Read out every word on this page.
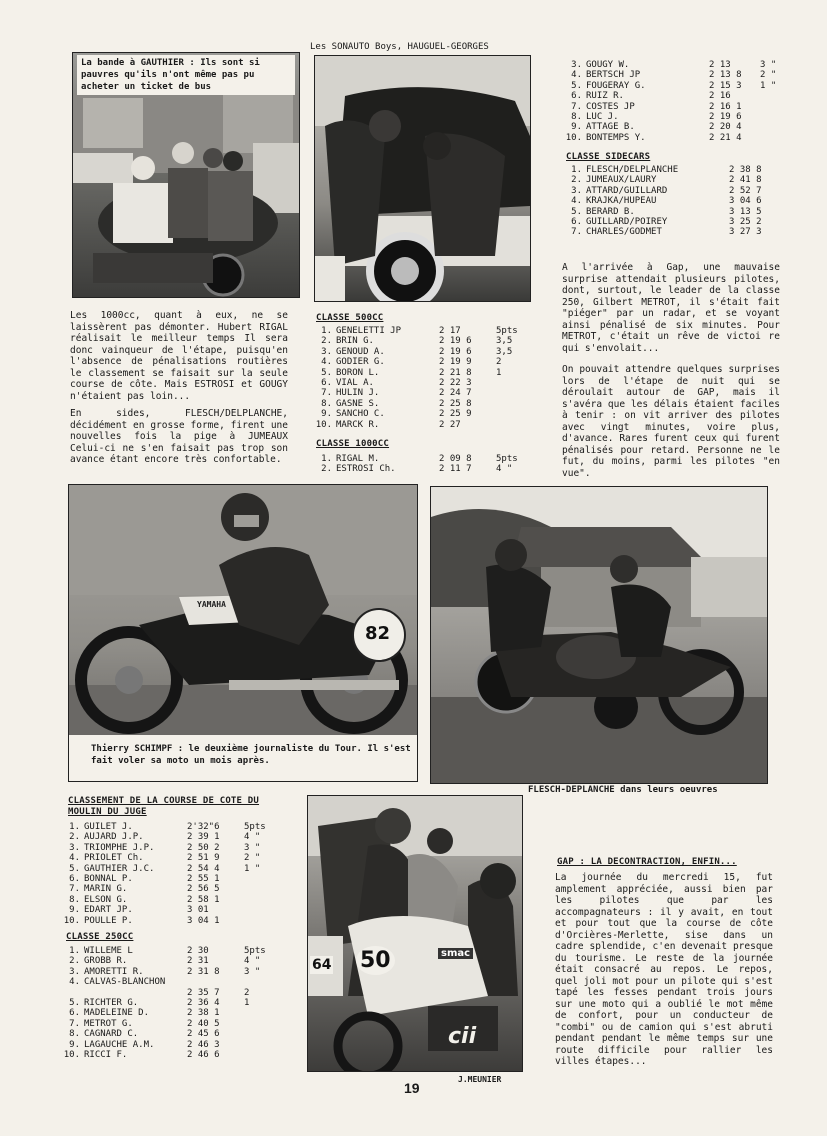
La bande à GAUTHIER : Ils sont si pauvres qu'ils n'ont même pas pu acheter un ticket de bus
Les SONAUTO Boys, HAUGUEL-GEORGES
3.	GOUGY W.	2 13	3 "
4.	BERTSCH JP	2 13 8	2 "
5.	FOUGERAY G.	2 15 3	1 "
6.	RUIZ R.	2 16	
7.	COSTES JP	2 16 1	
8.	LUC J.	2 19 6	
9.	ATTAGE B.	2 20 4	
10.	BONTEMPS Y.	2 21 4	
CLASSE SIDECARS
1.	FLESCH/DELPLANCHE	2 38 8
2.	JUMEAUX/LAURY	2 41 8
3.	ATTARD/GUILLARD	2 52 7
4.	KRAJKA/HUPEAU	3 04 6
5.	BERARD B.	3 13 5
6.	GUILLARD/POIREY	3 25 2
7.	CHARLES/GODMET	3 27 3
A l'arrivée à Gap, une mauvaise surprise attendait plusieurs pilotes, dont, surtout, le leader de la classe 250, Gilbert METROT, il s'était fait "piéger" par un radar, et se voyant ainsi pénalisé de six minutes. Pour METROT, c'était un rêve de victoi re qui s'envolait...
On pouvait attendre quelques surprises lors de l'étape de nuit qui se déroulait autour de GAP, mais il s'avéra que les délais étaient faciles à tenir : on vit arriver des pilotes avec vingt minutes, voire plus, d'avance. Rares furent ceux qui furent pénalisés pour retard. Personne ne le fut, du moins, parmi les pilotes "en vue".
Les 1000cc, quant à eux, ne se laissèrent pas démonter. Hubert RIGAL réalisait le meilleur temps Il sera donc vainqueur de l'étape, puisqu'en l'absence de pénalisations routières le classement se faisait sur la seule course de côte. Mais ESTROSI et GOUGY n'étaient pas loin...
En sides, FLESCH/DELPLANCHE, décidément en grosse forme, firent une nouvelles fois la pige à JUMEAUX Celui-ci ne s'en faisait pas trop son avance étant encore très confortable.
CLASSE 500CC
1.	GENELETTI JP	2 17	5pts
2.	BRIN G.	2 19 6	3,5
3.	GENOUD A.	2 19 6	3,5
4.	GODIER G.	2 19 9	2
5.	BORON L.	2 21 8	1
6.	VIAL A.	2 22 3	
7.	HULIN J.	2 24 7	
8.	GASNE S.	2 25 8	
9.	SANCHO C.	2 25 9	
10.	MARCK R.	2 27	
CLASSE 1000CC
1.	RIGAL M.	2 09 8	5pts
2.	ESTROSI Ch.	2 11 7	4 "
YAMAHA
82
Thierry SCHIMPF : le deuxième journaliste du Tour. Il s'est fait voler sa moto un mois après.
FLESCH-DEPLANCHE dans leurs oeuvres
CLASSEMENT DE LA COURSE DE COTE DU MOULIN DU JUGE
1.	GUILET J.	2'32"6	5pts
2.	AUJARD J.P.	2 39 1	4 "
3.	TRIOMPHE J.P.	2 50 2	3 "
4.	PRIOLET Ch.	2 51 9	2 "
5.	GAUTHIER J.C.	2 54 4	1 "
6.	BONNAL P.	2 55 1	
7.	MARIN G.	2 56 5	
8.	ELSON G.	2 58 1	
9.	EDART JP.	3 01	
10.	POULLE P.	3 04 1	
CLASSE 250CC
1.	WILLEME L	2 30	5pts
2.	GROBB R.	2 31	4 "
3.	AMORETTI R.	2 31 8	3 "
4.	CALVAS-BLANCHON		
		2 35 7	2
5.	RICHTER G.	2 36 4	1
6.	MADELEINE D.	2 38 1	
7.	METROT G.	2 40 5	
8.	CAGNARD C.	2 45 6	
9.	LAGAUCHE A.M.	2 46 3	
10.	RICCI F.	2 46 6	
50
64
smac
cii
J.MEUNIER
GAP : LA DECONTRACTION, ENFIN...
La journée du mercredi 15, fut amplement appréciée, aussi bien par les pilotes que par les accompagnateurs : il y avait, en tout et pour tout que la course de côte d'Orcières-Merlette, sise dans un cadre splendide, c'en devenait presque du tourisme. Le reste de la journée était consacré au repos. Le repos, quel joli mot pour un pilote qui s'est tapé les fesses pendant trois jours sur une moto qui a oublié le mot même de confort, pour un conducteur de "combi" ou de camion qui s'est abruti pendant pendant le même temps sur une route difficile pour rallier les villes étapes...
19
